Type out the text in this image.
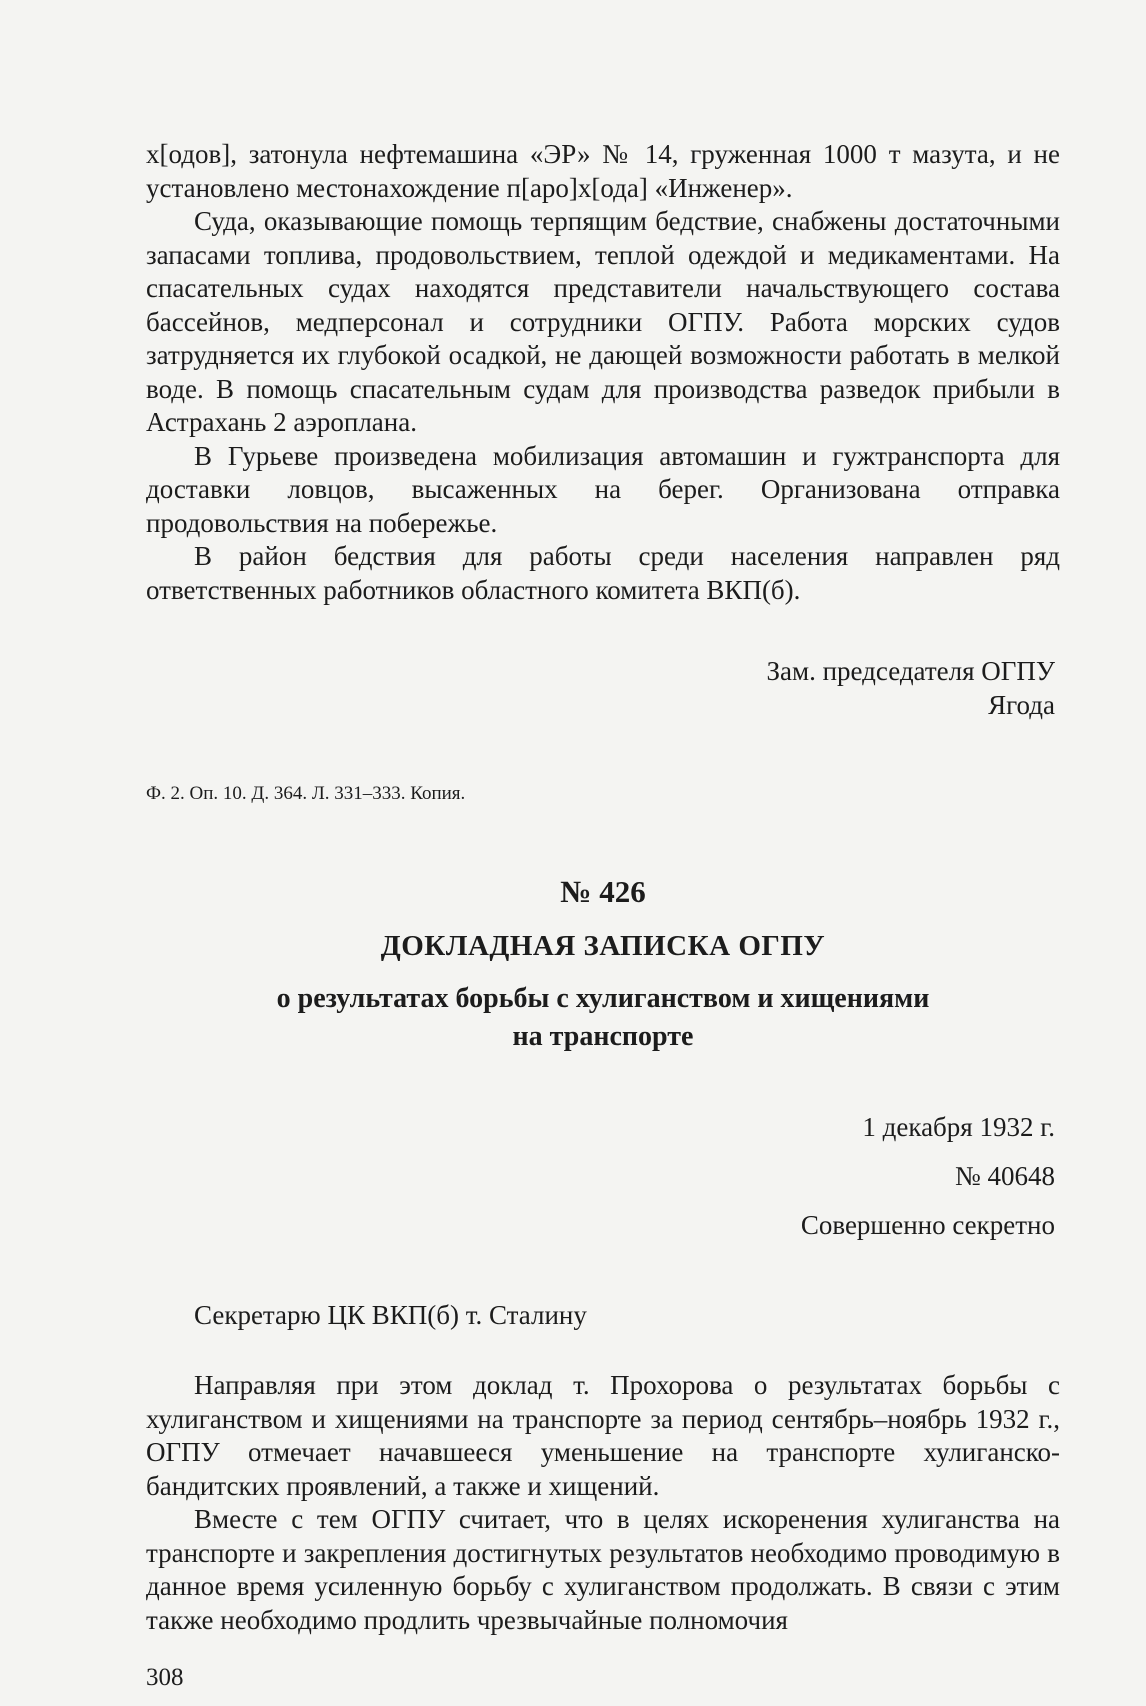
х[одов], затонула нефтемашина «ЭР» № 14, груженная 1000 т мазута, и не установлено местонахождение п[аро]х[ода] «Инженер».

Суда, оказывающие помощь терпящим бедствие, снабжены достаточными запасами топлива, продовольствием, теплой одеждой и медикаментами. На спасательных судах находятся представители начальствующего состава бассейнов, медперсонал и сотрудники ОГПУ. Работа морских судов затрудняется их глубокой осадкой, не дающей возможности работать в мелкой воде. В помощь спасательным судам для производства разведок прибыли в Астрахань 2 аэроплана.

В Гурьеве произведена мобилизация автомашин и гужтранспорта для доставки ловцов, высаженных на берег. Организована отправка продовольствия на побережье.

В район бедствия для работы среди населения направлен ряд ответственных работников областного комитета ВКП(б).

Зам. председателя ОГПУ
Ягода
Ф. 2. Оп. 10. Д. 364. Л. 331–333. Копия.
№ 426
ДОКЛАДНАЯ ЗАПИСКА ОГПУ
о результатах борьбы с хулиганством и хищениями
на транспорте
1 декабря 1932 г.
№ 40648
Совершенно секретно
Секретарю ЦК ВКП(б) т. Сталину

Направляя при этом доклад т. Прохорова о результатах борьбы с хулиганством и хищениями на транспорте за период сентябрь–ноябрь 1932 г., ОГПУ отмечает начавшееся уменьшение на транспорте хулиганско-бандитских проявлений, а также и хищений.

Вместе с тем ОГПУ считает, что в целях искоренения хулиганства на транспорте и закрепления достигнутых результатов необходимо проводимую в данное время усиленную борьбу с хулиганством продолжать. В связи с этим также необходимо продлить чрезвычайные полномочия

308
